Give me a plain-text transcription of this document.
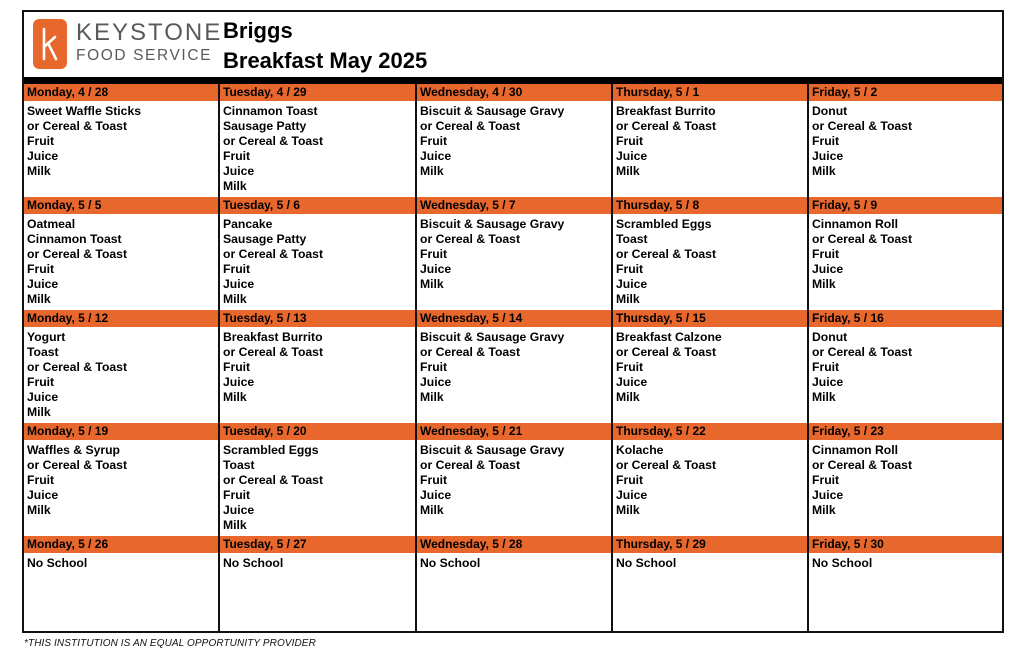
KEYSTONE
FOOD SERVICE
Briggs
Breakfast May 2025
Monday, 4 / 28
Sweet Waffle Sticks
or Cereal & Toast
Fruit
Juice
Milk
Tuesday, 4 / 29
Cinnamon Toast
Sausage Patty
or Cereal & Toast
Fruit
Juice
Milk
Wednesday, 4 / 30
Biscuit & Sausage Gravy
or Cereal & Toast
Fruit
Juice
Milk
Thursday, 5 / 1
Breakfast Burrito
or Cereal & Toast
Fruit
Juice
Milk
Friday, 5 / 2
Donut
or Cereal & Toast
Fruit
Juice
Milk
Monday, 5 / 5
Oatmeal
Cinnamon Toast
or Cereal & Toast
Fruit
Juice
Milk
Tuesday, 5 / 6
Pancake
Sausage Patty
or Cereal & Toast
Fruit
Juice
Milk
Wednesday, 5 / 7
Biscuit & Sausage Gravy
or Cereal & Toast
Fruit
Juice
Milk
Thursday, 5 / 8
Scrambled Eggs
Toast
or Cereal & Toast
Fruit
Juice
Milk
Friday, 5 / 9
Cinnamon Roll
or Cereal & Toast
Fruit
Juice
Milk
Monday, 5 / 12
Yogurt
Toast
or Cereal & Toast
Fruit
Juice
Milk
Tuesday, 5 / 13
Breakfast Burrito
or Cereal & Toast
Fruit
Juice
Milk
Wednesday, 5 / 14
Biscuit & Sausage Gravy
or Cereal & Toast
Fruit
Juice
Milk
Thursday, 5 / 15
Breakfast Calzone
or Cereal & Toast
Fruit
Juice
Milk
Friday, 5 / 16
Donut
or Cereal & Toast
Fruit
Juice
Milk
Monday, 5 / 19
Waffles & Syrup
or Cereal & Toast
Fruit
Juice
Milk
Tuesday, 5 / 20
Scrambled Eggs
Toast
or Cereal & Toast
Fruit
Juice
Milk
Wednesday, 5 / 21
Biscuit & Sausage Gravy
or Cereal & Toast
Fruit
Juice
Milk
Thursday, 5 / 22
Kolache
or Cereal & Toast
Fruit
Juice
Milk
Friday, 5 / 23
Cinnamon Roll
or Cereal & Toast
Fruit
Juice
Milk
Monday, 5 / 26
No School
Tuesday, 5 / 27
No School
Wednesday, 5 / 28
No School
Thursday, 5 / 29
No School
Friday, 5 / 30
No School
*THIS INSTITUTION IS AN EQUAL OPPORTUNITY PROVIDER
